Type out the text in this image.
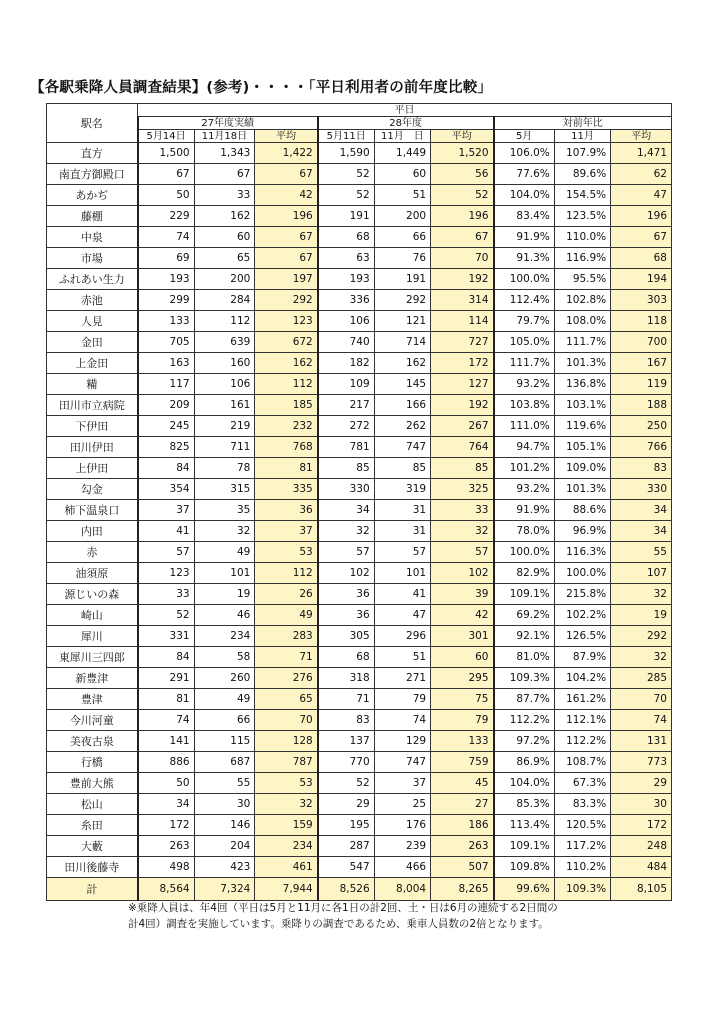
【各駅乗降人員調査結果】(参考)・・・・「平日利用者の前年度比較」
駅名	平日								
	27年度実績			28年度			対前年比		
	5月14日	11月18日	平均	5月11日	11月　日	平均	5月	11月	平均
直方	1,500	1,343	1,422	1,590	1,449	1,520	106.0%	107.9%	1,471
南直方御殿口	67	67	67	52	60	56	77.6%	89.6%	62
あかぢ	50	33	42	52	51	52	104.0%	154.5%	47
藤棚	229	162	196	191	200	196	83.4%	123.5%	196
中泉	74	60	67	68	66	67	91.9%	110.0%	67
市場	69	65	67	63	76	70	91.3%	116.9%	68
ふれあい生力	193	200	197	193	191	192	100.0%	95.5%	194
赤池	299	284	292	336	292	314	112.4%	102.8%	303
人見	133	112	123	106	121	114	79.7%	108.0%	118
金田	705	639	672	740	714	727	105.0%	111.7%	700
上金田	163	160	162	182	162	172	111.7%	101.3%	167
糒	117	106	112	109	145	127	93.2%	136.8%	119
田川市立病院	209	161	185	217	166	192	103.8%	103.1%	188
下伊田	245	219	232	272	262	267	111.0%	119.6%	250
田川伊田	825	711	768	781	747	764	94.7%	105.1%	766
上伊田	84	78	81	85	85	85	101.2%	109.0%	83
勾金	354	315	335	330	319	325	93.2%	101.3%	330
柿下温泉口	37	35	36	34	31	33	91.9%	88.6%	34
内田	41	32	37	32	31	32	78.0%	96.9%	34
赤	57	49	53	57	57	57	100.0%	116.3%	55
油須原	123	101	112	102	101	102	82.9%	100.0%	107
源じいの森	33	19	26	36	41	39	109.1%	215.8%	32
崎山	52	46	49	36	47	42	69.2%	102.2%	19
犀川	331	234	283	305	296	301	92.1%	126.5%	292
東犀川三四郎	84	58	71	68	51	60	81.0%	87.9%	32
新豊津	291	260	276	318	271	295	109.3%	104.2%	285
豊津	81	49	65	71	79	75	87.7%	161.2%	70
今川河童	74	66	70	83	74	79	112.2%	112.1%	74
美夜古泉	141	115	128	137	129	133	97.2%	112.2%	131
行橋	886	687	787	770	747	759	86.9%	108.7%	773
豊前大熊	50	55	53	52	37	45	104.0%	67.3%	29
松山	34	30	32	29	25	27	85.3%	83.3%	30
糸田	172	146	159	195	176	186	113.4%	120.5%	172
大藪	263	204	234	287	239	263	109.1%	117.2%	248
田川後藤寺	498	423	461	547	466	507	109.8%	110.2%	484
計	8,564	7,324	7,944	8,526	8,004	8,265	99.6%	109.3%	8,105
※乗降人員は、年4回（平日は5月と11月に各1日の計2回、土・日は6月の連続する2日間の計4回）調査を実施しています。乗降りの調査であるため、乗車人員数の2倍となります。
